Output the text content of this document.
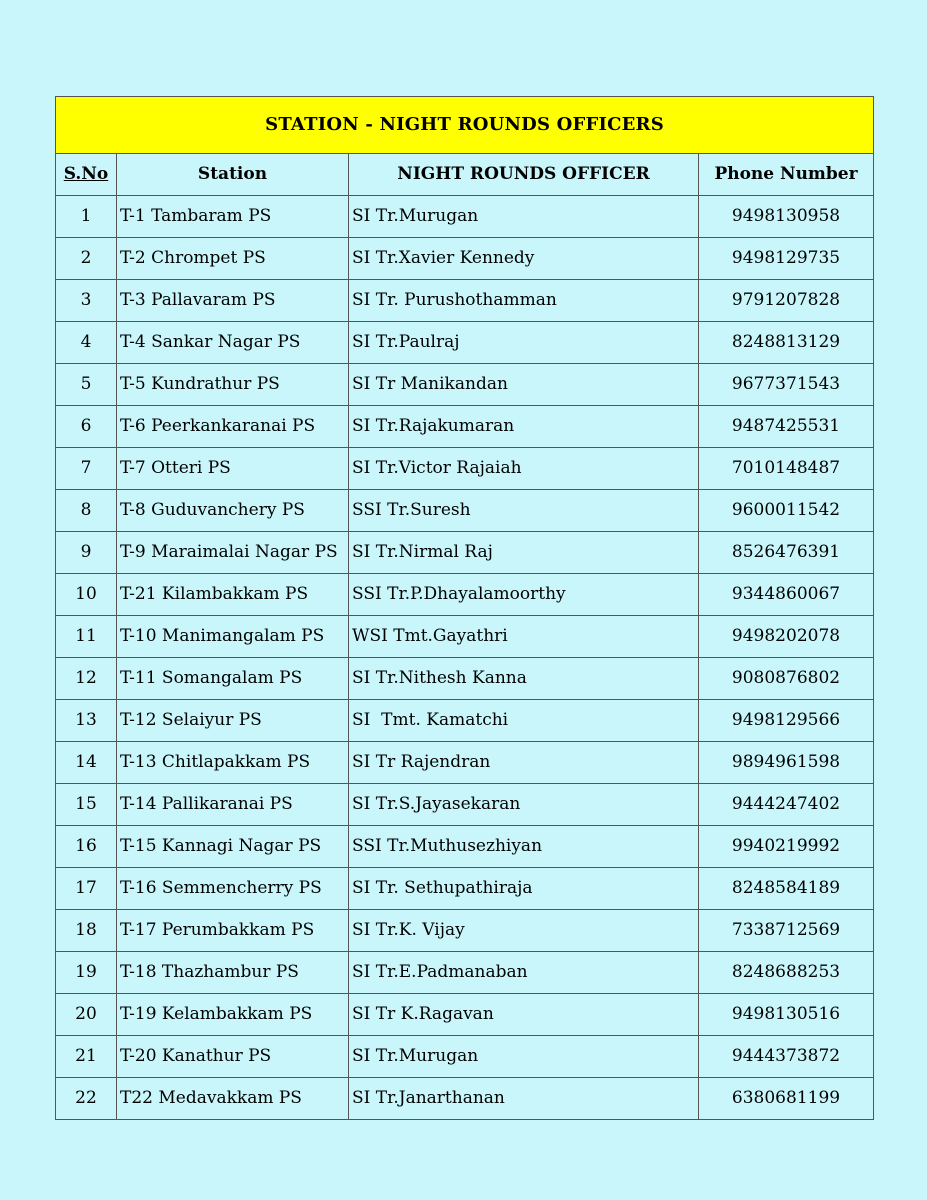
STATION - NIGHT ROUNDS OFFICERS			
S.No	Station	NIGHT ROUNDS OFFICER	Phone Number
1	T-1 Tambaram PS	SI Tr.Murugan	9498130958
2	T-2 Chrompet PS	SI Tr.Xavier Kennedy	9498129735
3	T-3 Pallavaram PS	SI Tr. Purushothamman	9791207828
4	T-4 Sankar Nagar PS	SI Tr.Paulraj	8248813129
5	T-5 Kundrathur PS	SI Tr Manikandan	9677371543
6	T-6 Peerkankaranai PS	SI Tr.Rajakumaran	9487425531
7	T-7 Otteri PS	SI Tr.Victor Rajaiah	7010148487
8	T-8 Guduvanchery PS	SSI Tr.Suresh	9600011542
9	T-9 Maraimalai Nagar PS	SI Tr.Nirmal Raj	8526476391
10	T-21 Kilambakkam PS	SSI Tr.P.Dhayalamoorthy	9344860067
11	T-10 Manimangalam PS	WSI Tmt.Gayathri	9498202078
12	T-11 Somangalam PS	SI Tr.Nithesh Kanna	9080876802
13	T-12 Selaiyur PS	SI  Tmt. Kamatchi	9498129566
14	T-13 Chitlapakkam PS	SI Tr Rajendran	9894961598
15	T-14 Pallikaranai PS	SI Tr.S.Jayasekaran	9444247402
16	T-15 Kannagi Nagar PS	SSI Tr.Muthusezhiyan	9940219992
17	T-16 Semmencherry PS	SI Tr. Sethupathiraja	8248584189
18	T-17 Perumbakkam PS	SI Tr.K. Vijay	7338712569
19	T-18 Thazhambur PS	SI Tr.E.Padmanaban	8248688253
20	T-19 Kelambakkam PS	SI Tr K.Ragavan	9498130516
21	T-20 Kanathur PS	SI Tr.Murugan	9444373872
22	T22 Medavakkam PS	SI Tr.Janarthanan	6380681199
